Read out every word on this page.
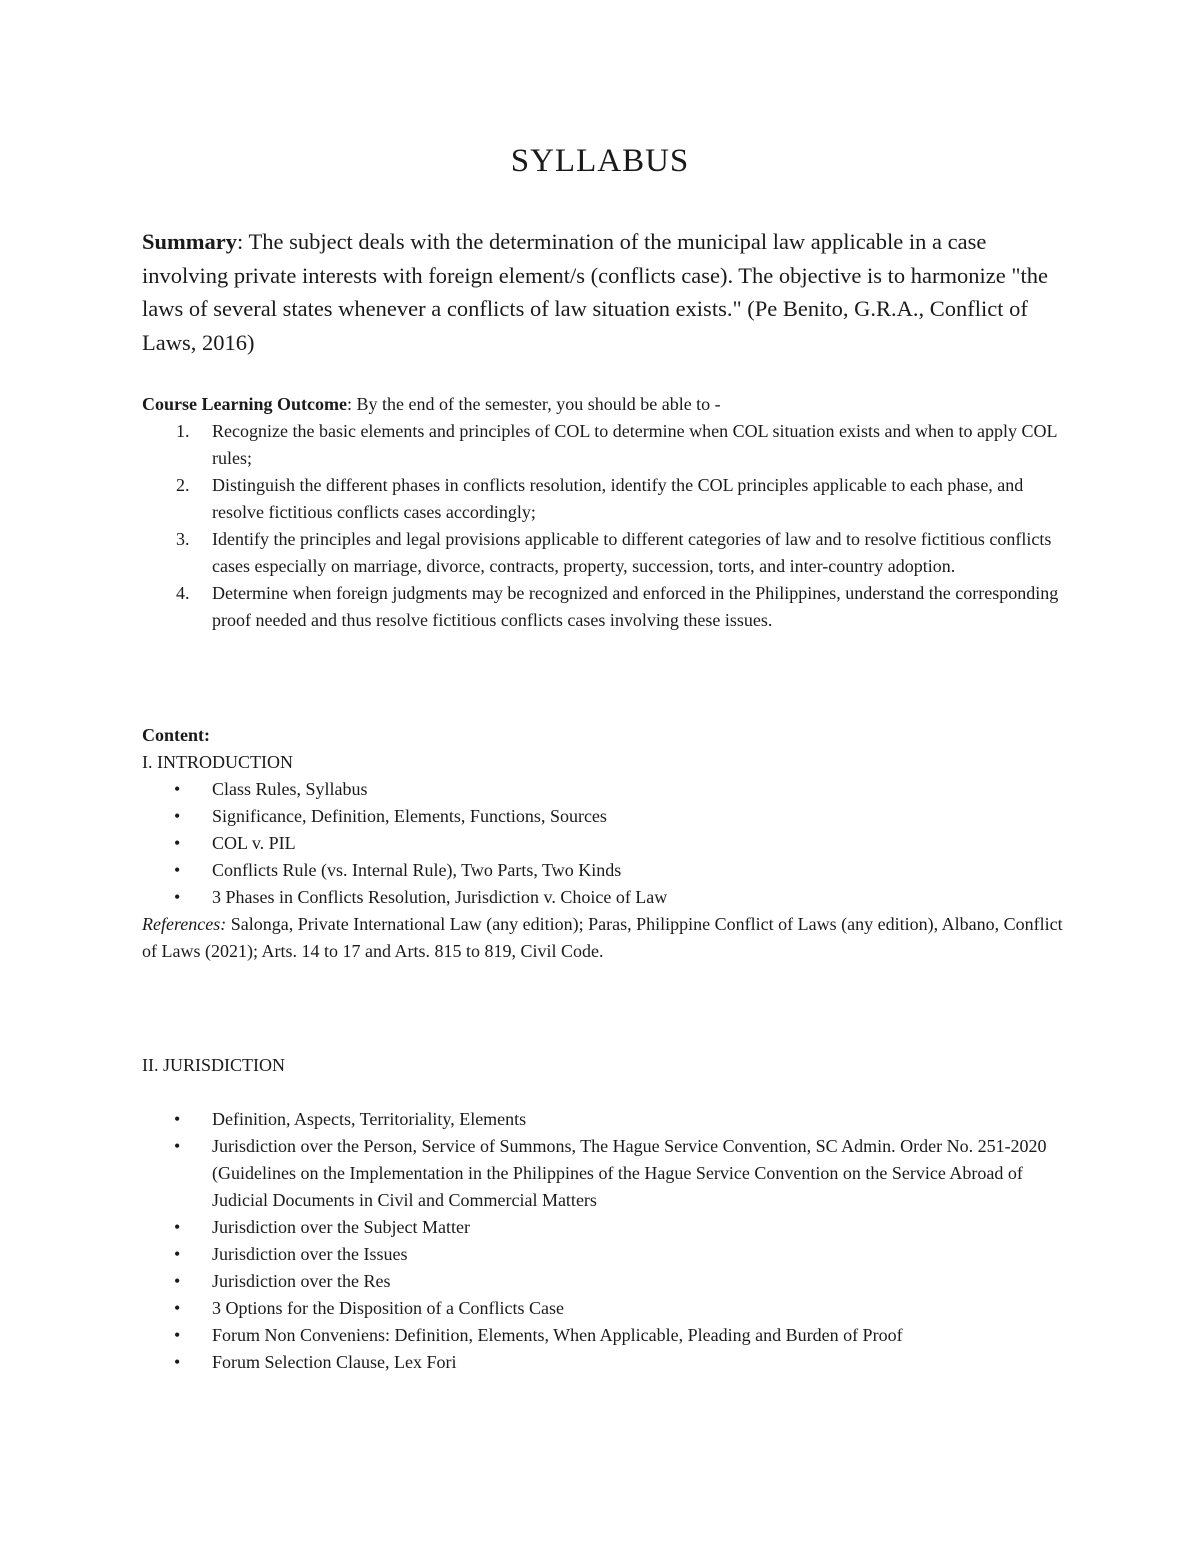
SYLLABUS
Summary: The subject deals with the determination of the municipal law applicable in a case involving private interests with foreign element/s (conflicts case). The objective is to harmonize "the laws of several states whenever a conflicts of law situation exists." (Pe Benito, G.R.A., Conflict of Laws, 2016)
Course Learning Outcome: By the end of the semester, you should be able to -
1. Recognize the basic elements and principles of COL to determine when COL situation exists and when to apply COL rules;
2. Distinguish the different phases in conflicts resolution, identify the COL principles applicable to each phase, and resolve fictitious conflicts cases accordingly;
3. Identify the principles and legal provisions applicable to different categories of law and to resolve fictitious conflicts cases especially on marriage, divorce, contracts, property, succession, torts, and inter-country adoption.
4. Determine when foreign judgments may be recognized and enforced in the Philippines, understand the corresponding proof needed and thus resolve fictitious conflicts cases involving these issues.
Content:
I. INTRODUCTION
• Class Rules, Syllabus
• Significance, Definition, Elements, Functions, Sources
• COL v. PIL
• Conflicts Rule (vs. Internal Rule), Two Parts, Two Kinds
• 3 Phases in Conflicts Resolution, Jurisdiction v. Choice of Law
References: Salonga, Private International Law (any edition); Paras, Philippine Conflict of Laws (any edition), Albano, Conflict of Laws (2021); Arts. 14 to 17 and Arts. 815 to 819, Civil Code.
II. JURISDICTION
• Definition, Aspects, Territoriality, Elements
• Jurisdiction over the Person, Service of Summons, The Hague Service Convention, SC Admin. Order No. 251-2020 (Guidelines on the Implementation in the Philippines of the Hague Service Convention on the Service Abroad of Judicial Documents in Civil and Commercial Matters
• Jurisdiction over the Subject Matter
• Jurisdiction over the Issues
• Jurisdiction over the Res
• 3 Options for the Disposition of a Conflicts Case
• Forum Non Conveniens: Definition, Elements, When Applicable, Pleading and Burden of Proof
• Forum Selection Clause, Lex Fori
